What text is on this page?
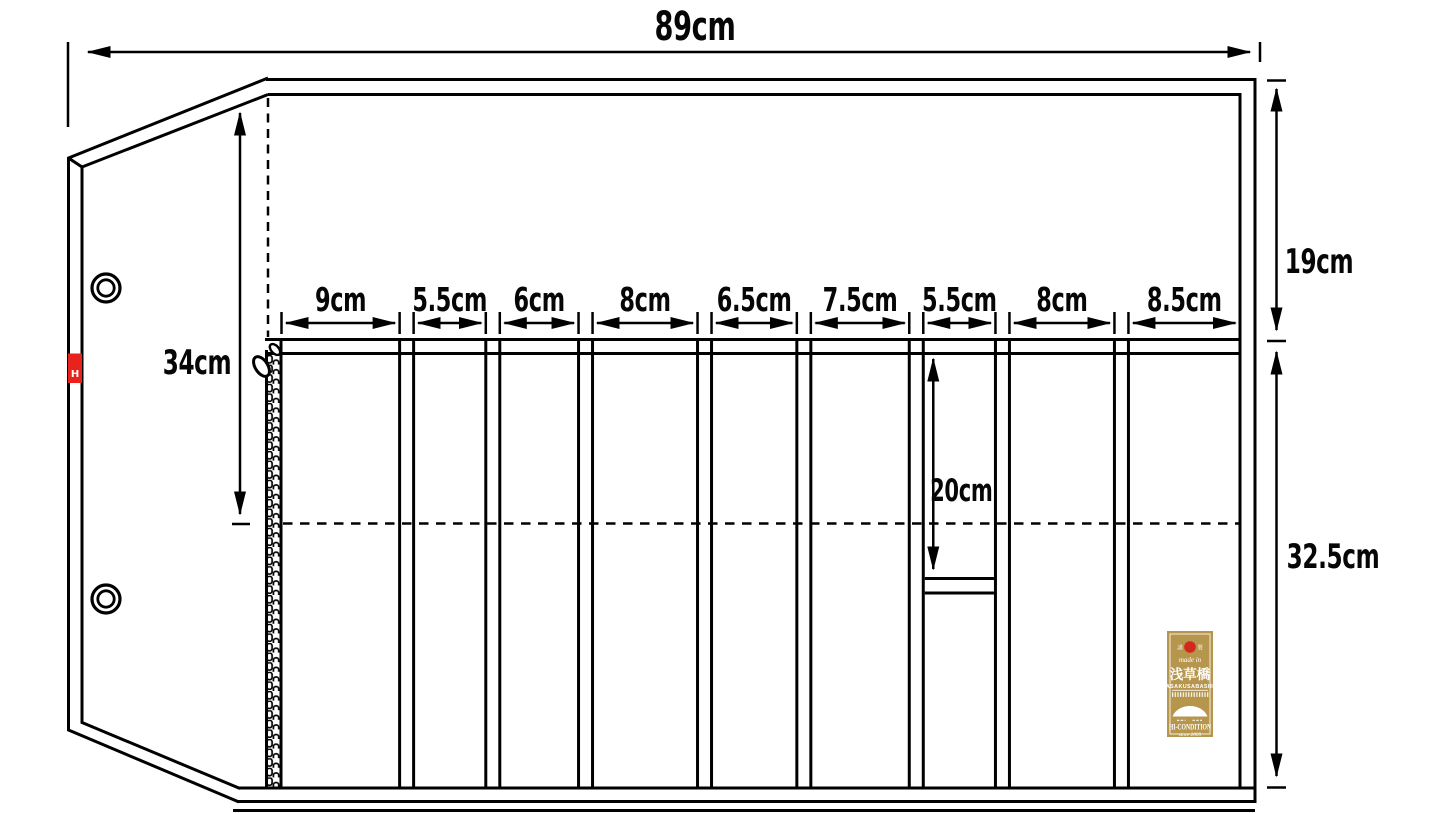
89cm
H 34cm
9cm 5.5cm 6cm 8cm 6.5cm 7.5cm 5.5cm
20cm
8cm 8.5cm
19cm
32.5cm
謹	製
made in
浅草橋
ASAKUSABASHI
HI-CONDITION
since 2009
